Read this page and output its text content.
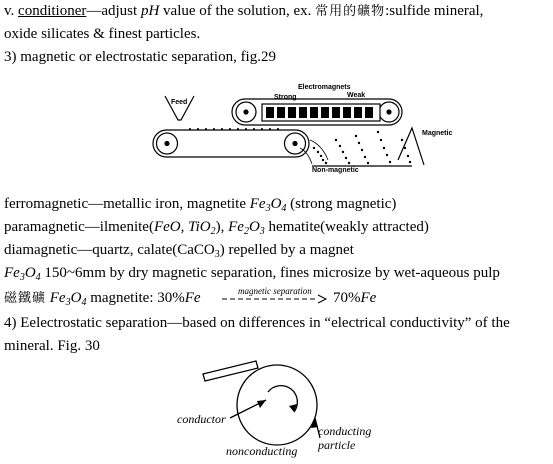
v. conditioner—adjust pH value of the solution, ex. 常用的礦物:sulfide mineral,
oxide silicates & finest particles.
3) magnetic or electrostatic separation, fig.29
Electromagnets
Strong	Weak
Feed
Magnetic
Non-magnetic
ferromagnetic—metallic iron, magnetite $Fe_3O_4$ (strong magnetic)
paramagnetic—ilmenite(FeO, TiO$_2$), $Fe_2O_3$ hematite(weakly attracted)
diamagnetic—quartz, calate(CaCO$_3$) repelled by a magnet
$Fe_3O_4$ 150~6mm by dry magnetic separation, fines microsize by wet-aqueous pulp
磁鐵礦 $Fe_3O_4$ magnetite: 30%Fe	magnetic separation 70%Fe
4) Eelectrostatic separation—based on differences in “electrical conductivity” of the
mineral. Fig. 30
conductor
conducting
particle
nonconducting
